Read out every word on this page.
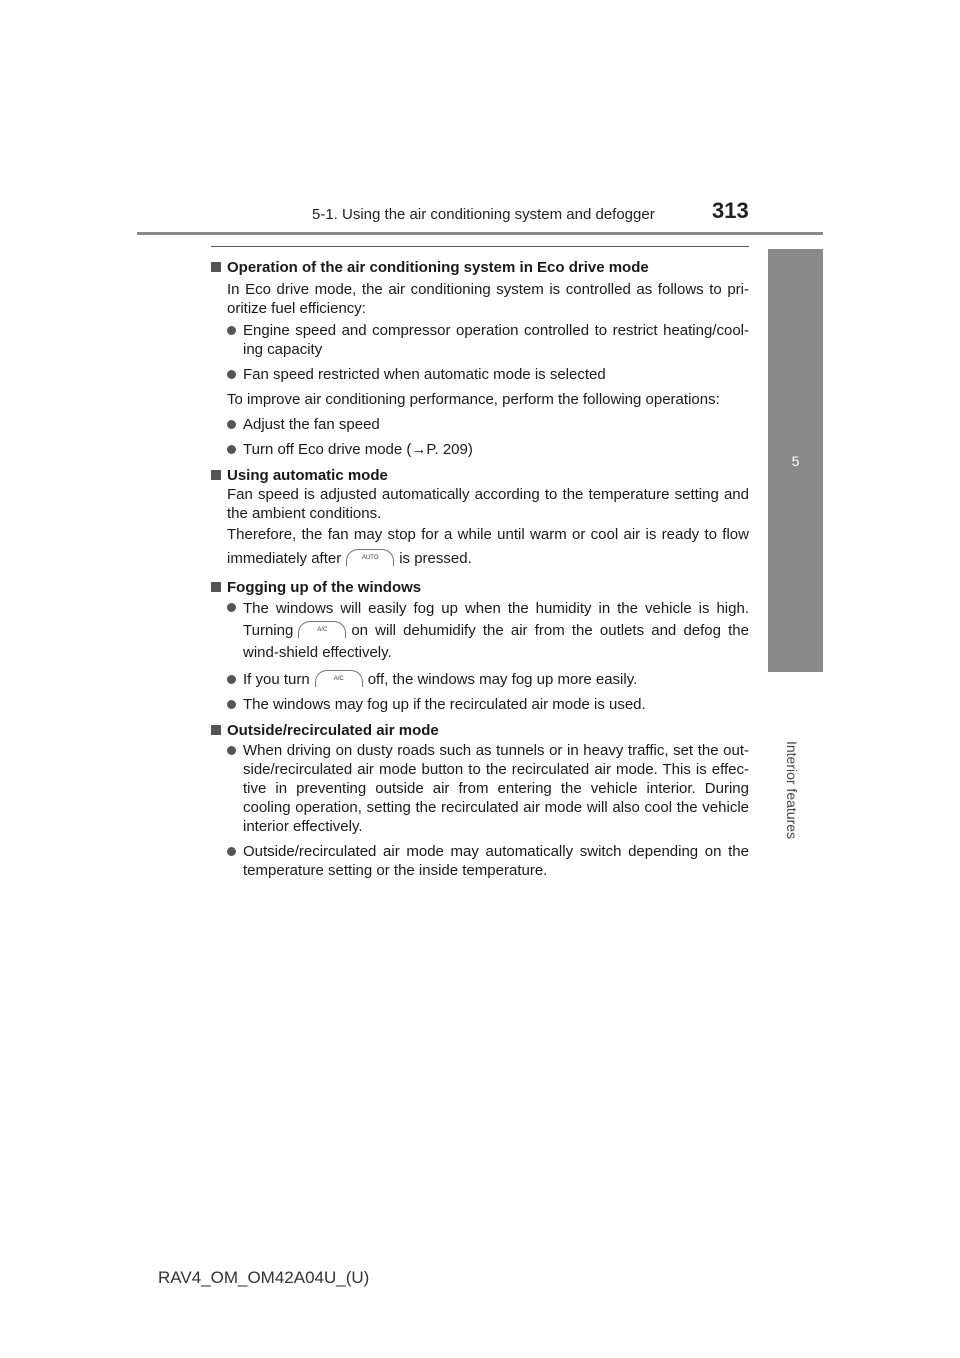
5-1. Using the air conditioning system and defogger	313
5
Interior features
Operation of the air conditioning system in Eco drive mode
In Eco drive mode, the air conditioning system is controlled as follows to pri-oritize fuel efficiency:
Engine speed and compressor operation controlled to restrict heating/cool-ing capacity
Fan speed restricted when automatic mode is selected
To improve air conditioning performance, perform the following operations:
Adjust the fan speed
Turn off Eco drive mode (→P. 209)
Using automatic mode
Fan speed is adjusted automatically according to the temperature setting and the ambient conditions.
Therefore, the fan may stop for a while until warm or cool air is ready to flow immediately after	AUTO is pressed.
Fogging up of the windows
The windows will easily fog up when the humidity in the vehicle is high. Turning	A/C on will dehumidify the air from the outlets and defog the wind-shield effectively.
If you turn	A/C off, the windows may fog up more easily.
The windows may fog up if the recirculated air mode is used.
Outside/recirculated air mode
When driving on dusty roads such as tunnels or in heavy traffic, set the out-side/recirculated air mode button to the recirculated air mode. This is effec-tive in preventing outside air from entering the vehicle interior. During cooling operation, setting the recirculated air mode will also cool the vehicle interior effectively.
Outside/recirculated air mode may automatically switch depending on the temperature setting or the inside temperature.
RAV4_OM_OM42A04U_(U)
